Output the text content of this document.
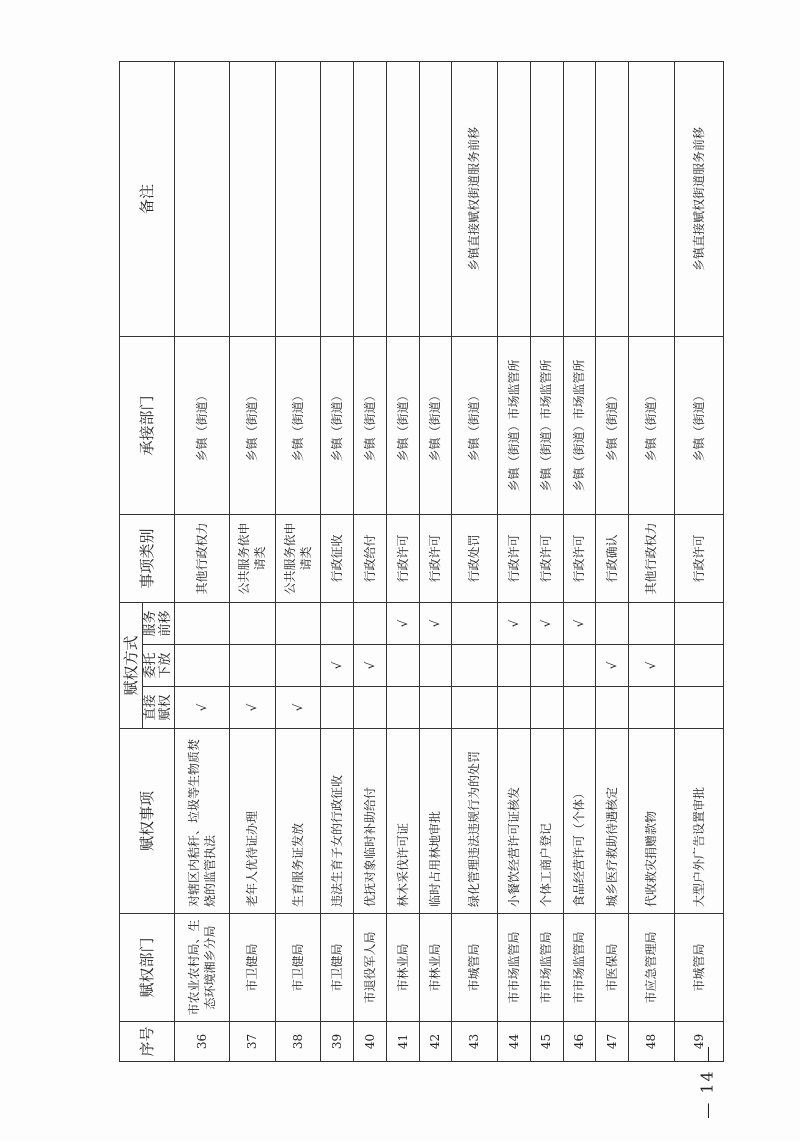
序号	赋权部门	赋权事项	赋权方式			事项类别	承接部门	备注
			直接赋权	委托下放	服务前移			
36	市农业农村局、生态环境湘乡分局	对辖区内秸秆、垃圾等生物质焚烧的监管执法	√			其他行政权力	乡镇（街道）	
37	市卫健局	老年人优待证办理	√			公共服务依申请类	乡镇（街道）	
38	市卫健局	生育服务证发放	√			公共服务依申请类	乡镇（街道）	
39	市卫健局	违法生育子女的行政征收		√		行政征收	乡镇（街道）	
40	市退役军人局	优抚对象临时补助给付		√		行政给付	乡镇（街道）	
41	市林业局	林木采伐许可证			√	行政许可	乡镇（街道）	
42	市林业局	临时占用林地审批			√	行政许可	乡镇（街道）	
43	市城管局	绿化管理违法违规行为的处罚				行政处罚	乡镇（街道）	乡镇直接赋权街道服务前移
44	市市场监管局	小餐饮经营许可证核发			√	行政许可	乡镇（街道）市场监管所	
45	市市场监管局	个体工商户登记			√	行政许可	乡镇（街道）市场监管所	
46	市市场监管局	食品经营许可（个体）			√	行政许可	乡镇（街道）市场监管所	
47	市医保局	城乡医疗救助待遇核定		√		行政确认	乡镇（街道）	
48	市应急管理局	代收救灾捐赠款物		√		其他行政权力	乡镇（街道）	
49	市城管局	大型户外广告设置审批				行政许可	乡镇（街道）	乡镇直接赋权街道服务前移
— 14 —
